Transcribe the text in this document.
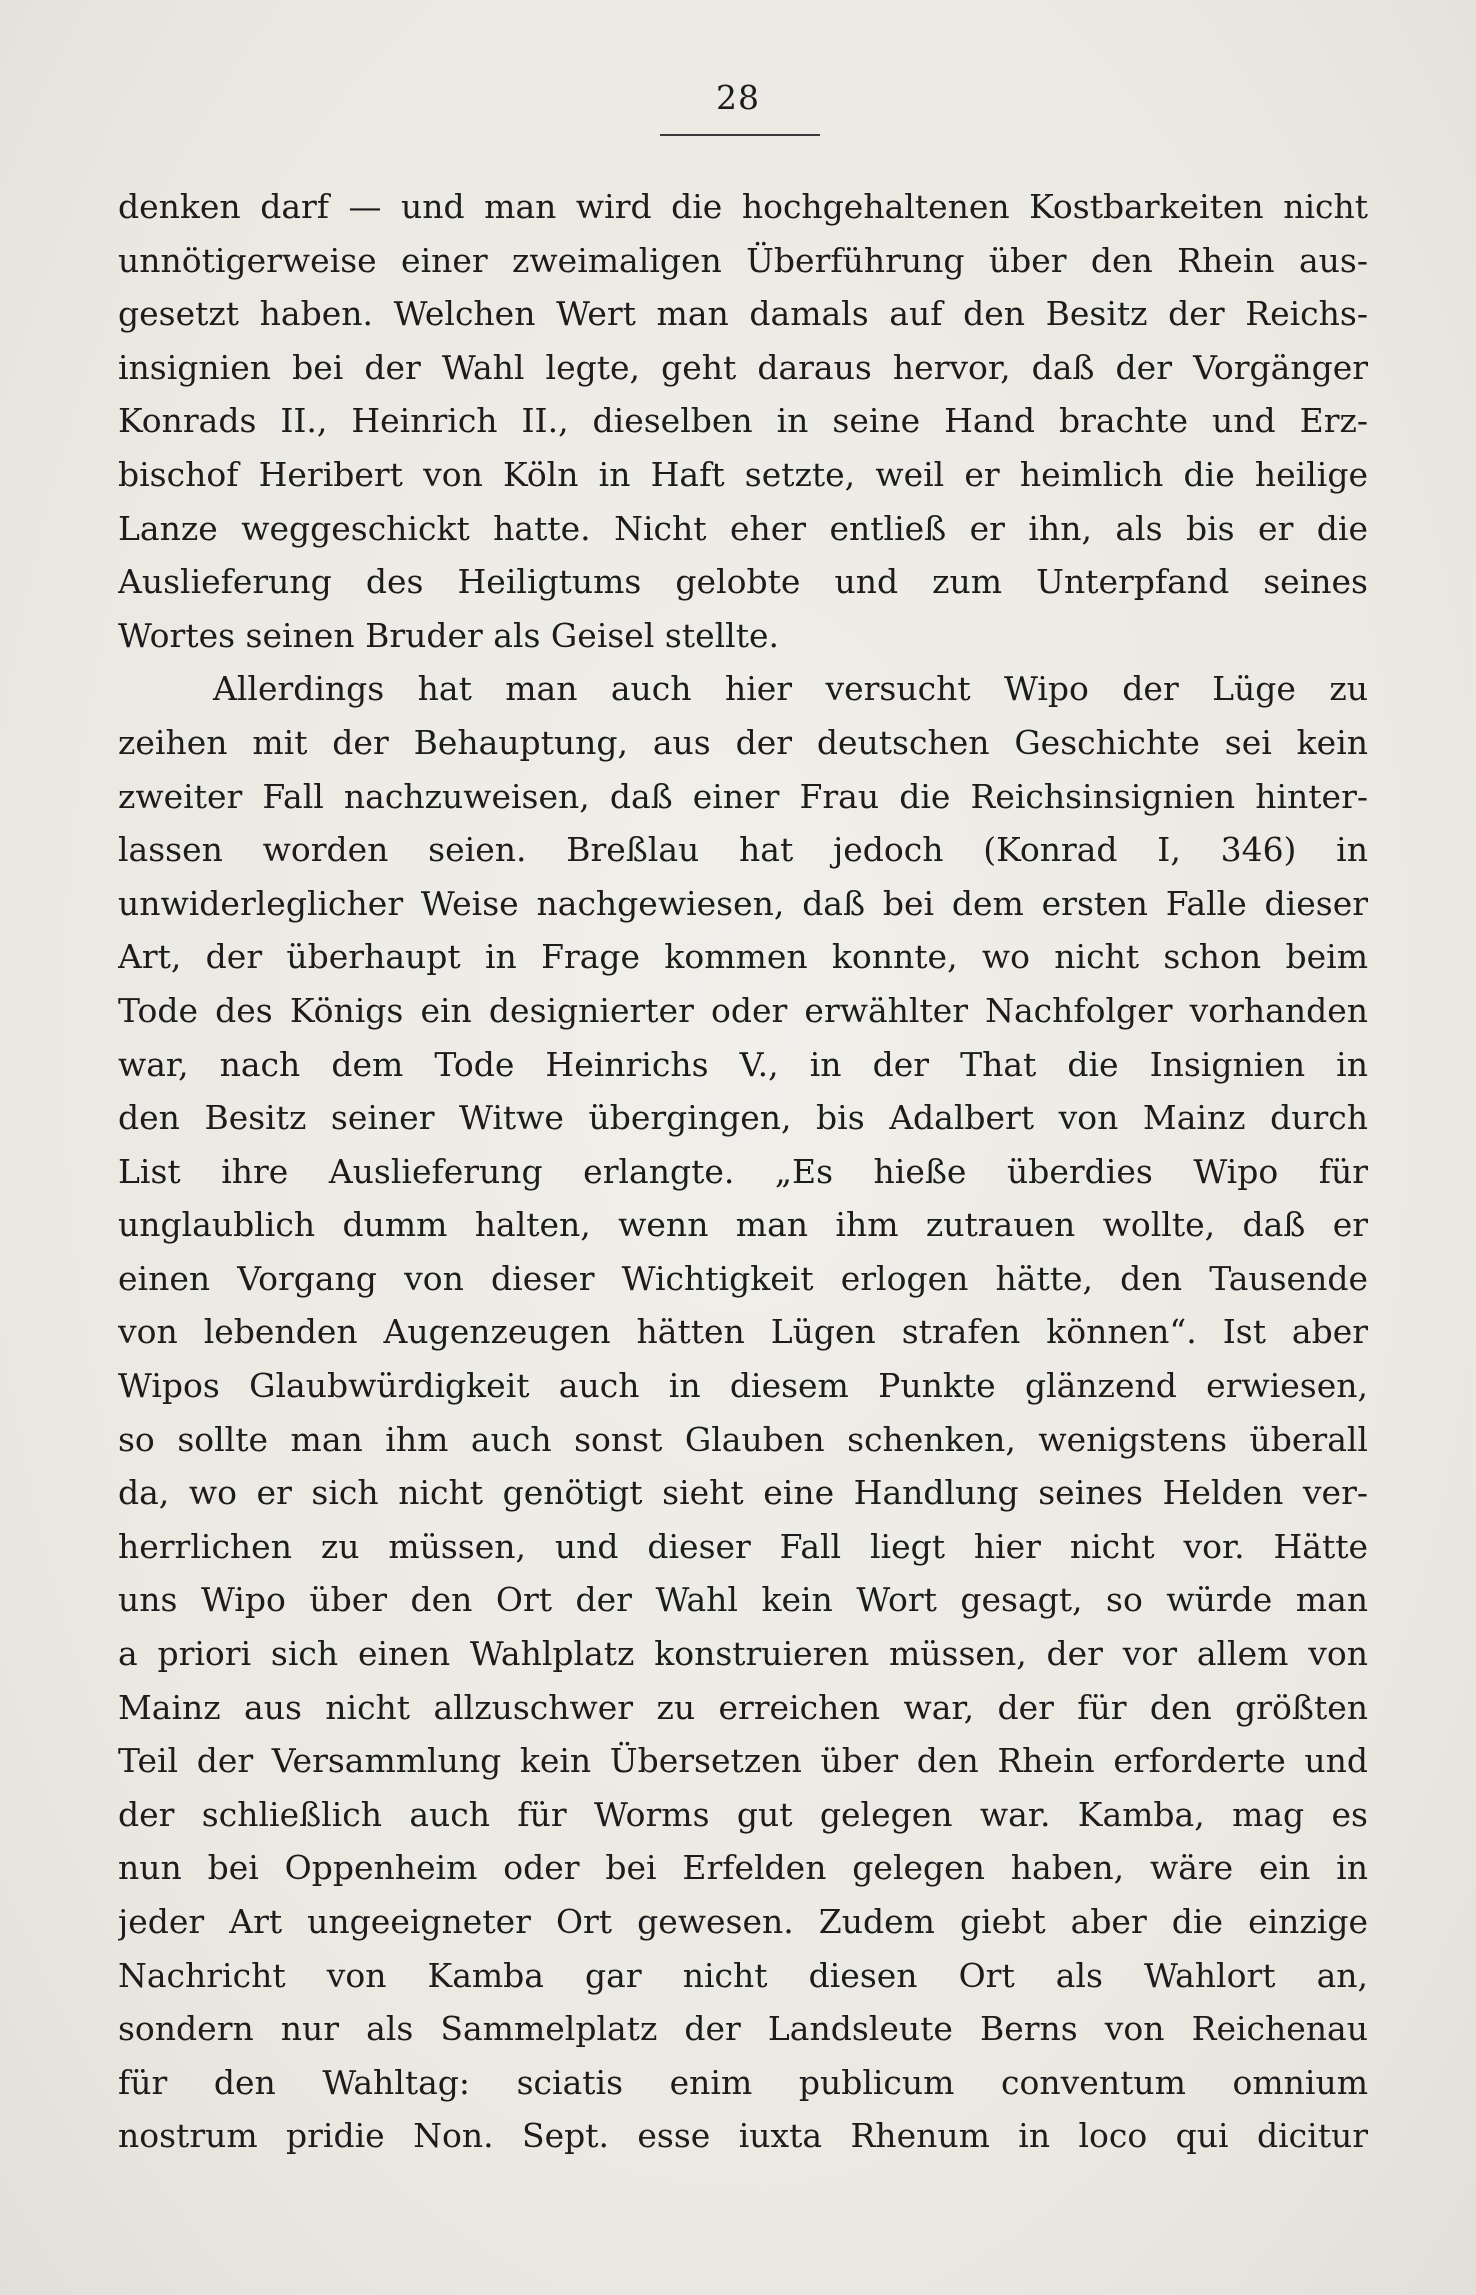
28
denken darf — und man wird die hochgehaltenen Kostbarkeiten nicht
unnötigerweise einer zweimaligen Überführung über den Rhein aus-
gesetzt haben. Welchen Wert man damals auf den Besitz der Reichs-
insignien bei der Wahl legte, geht daraus hervor, daß der Vorgänger
Konrads II., Heinrich II., dieselben in seine Hand brachte und Erz-
bischof Heribert von Köln in Haft setzte, weil er heimlich die heilige
Lanze weggeschickt hatte. Nicht eher entließ er ihn, als bis er die
Auslieferung des Heiligtums gelobte und zum Unterpfand seines
Wortes seinen Bruder als Geisel stellte.
Allerdings hat man auch hier versucht Wipo der Lüge zu
zeihen mit der Behauptung, aus der deutschen Geschichte sei kein
zweiter Fall nachzuweisen, daß einer Frau die Reichsinsignien hinter-
lassen worden seien. Breßlau hat jedoch (Konrad I, 346) in
unwiderleglicher Weise nachgewiesen, daß bei dem ersten Falle dieser
Art, der überhaupt in Frage kommen konnte, wo nicht schon beim
Tode des Königs ein designierter oder erwählter Nachfolger vorhanden
war, nach dem Tode Heinrichs V., in der That die Insignien in
den Besitz seiner Witwe übergingen, bis Adalbert von Mainz durch
List ihre Auslieferung erlangte. „Es hieße überdies Wipo für
unglaublich dumm halten, wenn man ihm zutrauen wollte, daß er
einen Vorgang von dieser Wichtigkeit erlogen hätte, den Tausende
von lebenden Augenzeugen hätten Lügen strafen können“. Ist aber
Wipos Glaubwürdigkeit auch in diesem Punkte glänzend erwiesen,
so sollte man ihm auch sonst Glauben schenken, wenigstens überall
da, wo er sich nicht genötigt sieht eine Handlung seines Helden ver-
herrlichen zu müssen, und dieser Fall liegt hier nicht vor. Hätte
uns Wipo über den Ort der Wahl kein Wort gesagt, so würde man
a priori sich einen Wahlplatz konstruieren müssen, der vor allem von
Mainz aus nicht allzuschwer zu erreichen war, der für den größten
Teil der Versammlung kein Übersetzen über den Rhein erforderte und
der schließlich auch für Worms gut gelegen war. Kamba, mag es
nun bei Oppenheim oder bei Erfelden gelegen haben, wäre ein in
jeder Art ungeeigneter Ort gewesen. Zudem giebt aber die einzige
Nachricht von Kamba gar nicht diesen Ort als Wahlort an,
sondern nur als Sammelplatz der Landsleute Berns von Reichenau
für den Wahltag: sciatis enim publicum conventum omnium
nostrum pridie Non. Sept. esse iuxta Rhenum in loco qui dicitur
